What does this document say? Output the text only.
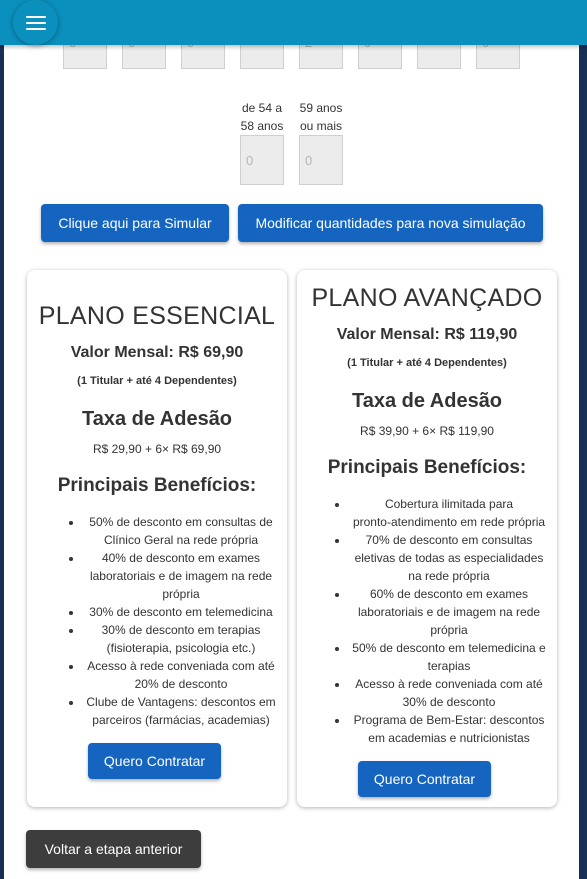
de 54 a
58 anos
59 anos
ou mais
0	0
Clique aqui para Simular	Modificar quantidades para nova simulação
PLANO ESSENCIAL
Valor Mensal: R$ 69,90
(1 Titular + até 4 Dependentes)
Taxa de Adesão
R$ 29,90 + 6× R$ 69,90
Principais Benefícios:
• 50% de desconto em consultas de
Clínico Geral na rede própria
• 40% de desconto em exames
laboratoriais e de imagem na rede
própria
• 30% de desconto em telemedicina
• 30% de desconto em terapias
(fisioterapia, psicologia etc.)
• Acesso à rede conveniada com até
20% de desconto
• Clube de Vantagens: descontos em
parceiros (farmácias, academias)
Quero Contratar
PLANO AVANÇADO
Valor Mensal: R$ 119,90
(1 Titular + até 4 Dependentes)
Taxa de Adesão
R$ 39,90 + 6× R$ 119,90
Principais Benefícios:
• Cobertura ilimitada para
pronto-atendimento em rede própria
• 70% de desconto em consultas
eletivas de todas as especialidades
na rede própria
• 60% de desconto em exames
laboratoriais e de imagem na rede
própria
• 50% de desconto em telemedicina e
terapias
• Acesso à rede conveniada com até
30% de desconto
• Programa de Bem-Estar: descontos
em academias e nutricionistas
Quero Contratar
Voltar a etapa anterior
